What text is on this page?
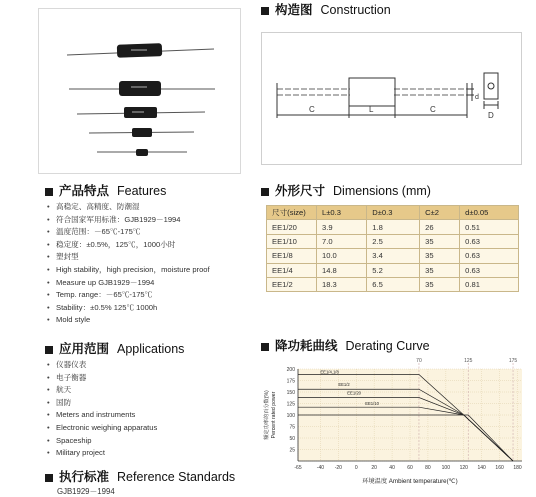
构造图 Construction
C	L	C
d
D
产品特点 Features
• 高稳定、高精度、防潮湿
• 符合国家军用标准：GJB1929－1994
• 温度范围：－65℃-175℃
• 稳定度：±0.5%，125℃，1000小时
• 塑封型
• High stability，high precision，moisture proof
• Measure up GJB1929－1994
• Temp. range：－65℃-175℃
• Stability：±0.5% 125℃ 1000h
• Mold style
应用范围 Applications
• 仪器仪表
• 电子衡器
• 航天
• 国防
• Meters and instruments
• Electronic weighing apparatus
• Spaceship
• Military project
执行标准 Reference Standards
GJB1929－1994
外形尺寸 Dimensions (mm)
尺寸(size)	L±0.3	D±0.3	C±2	d±0.05
EE1/20	3.9	1.8	26	0.51
EE1/10	7.0	2.5	35	0.63
EE1/8	10.0	3.4	35	0.63
EE1/4	14.8	5.2	35	0.63
EE1/2	18.3	6.5	35	0.81
降功耗曲线 Derating Curve
70	125	175
-65	-40 -20	0	20 40 60 80 100 120 140 160 180
25
50
75
100
125
150
175
200	EE1/4,1/8
EE1/2
EE1/20
EE1/10
环境温度 Ambient temperature(℃)
额定功率的百分数(%) Percent rated power
